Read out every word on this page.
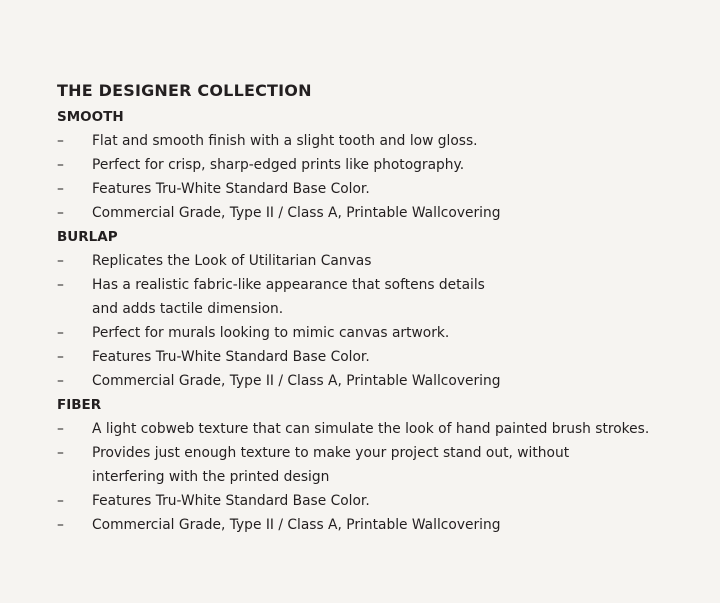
THE DESIGNER COLLECTION
SMOOTH
–	Flat and smooth finish with a slight tooth and low gloss.
–	Perfect for crisp, sharp-edged prints like photography.
–	Features Tru-White Standard Base Color.
–	Commercial Grade, Type II / Class A, Printable Wallcovering
BURLAP
–	Replicates the Look of Utilitarian Canvas
–	Has a realistic fabric-like appearance that softens details
and adds tactile dimension.
–	Perfect for murals looking to mimic canvas artwork.
–	Features Tru-White Standard Base Color.
–	Commercial Grade, Type II / Class A, Printable Wallcovering
FIBER
–	A light cobweb texture that can simulate the look of hand painted brush strokes.
–	Provides just enough texture to make your project stand out, without
interfering with the printed design
–	Features Tru-White Standard Base Color.
–	Commercial Grade, Type II / Class A, Printable Wallcovering
